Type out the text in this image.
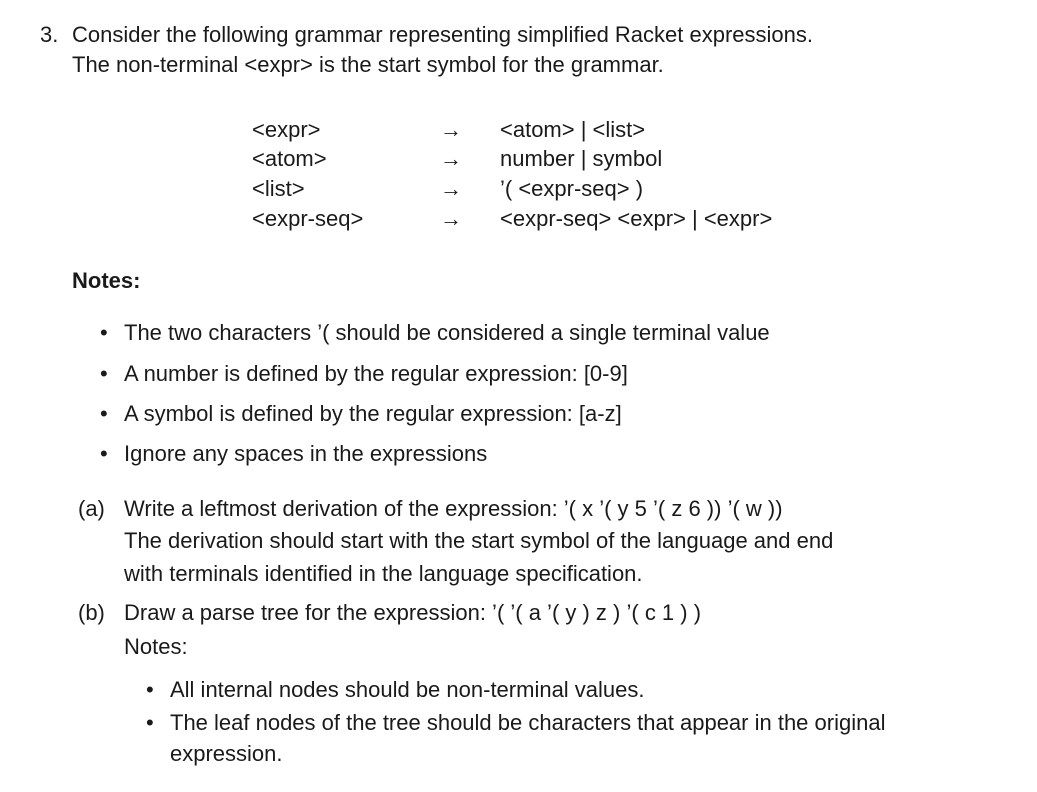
3. Consider the following grammar representing simplified Racket expressions.
The non-terminal <expr> is the start symbol for the grammar.
<expr>	→ <atom> | <list>
<atom>	→ number | symbol
<list>	→ ’( <expr-seq> )
<expr-seq>	→ <expr-seq> <expr> | <expr>
Notes:
• The two characters ’( should be considered a single terminal value
• A number is defined by the regular expression: [0-9]
• A symbol is defined by the regular expression: [a-z]
• Ignore any spaces in the expressions
(a) Write a leftmost derivation of the expression: ’( x ’( y 5 ’( z 6 )) ’( w ))
The derivation should start with the start symbol of the language and end
with terminals identified in the language specification.
(b) Draw a parse tree for the expression: ’( ’( a ’( y ) z ) ’( c 1 ) )
Notes:
• All internal nodes should be non-terminal values.
• The leaf nodes of the tree should be characters that appear in the original
expression.
